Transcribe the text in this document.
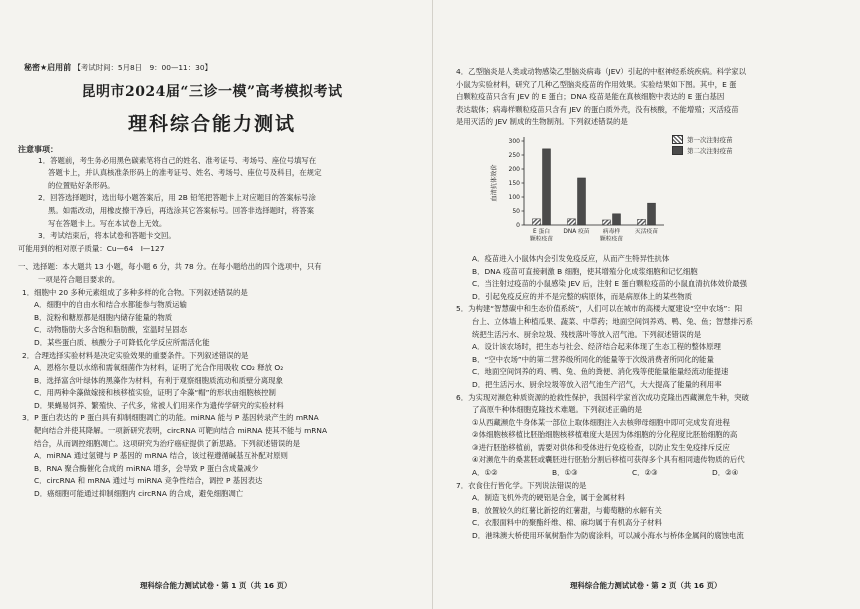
秘密★启用前 【考试时间：5月8日　9：00—11：30】
昆明市2024届“三诊一模”高考模拟考试
理科综合能力测试
注意事项：
1．答题前，考生务必用黑色碳素笔将自己的姓名、准考证号、考场号、座位号填写在
答题卡上，并认真核准条形码上的准考证号、姓名、考场号、座位号及科目，在规定
的位置贴好条形码。
2．回答选择题时，选出每小题答案后，用 2B 铅笔把答题卡上对应题目的答案标号涂
黑。如需改动，用橡皮擦干净后，再选涂其它答案标号。回答非选择题时，将答案
写在答题卡上。写在本试卷上无效。
3．考试结束后，将本试卷和答题卡交回。
可能用到的相对原子质量：Cu—64　I—127
一、选择题：本大题共 13 小题，每小题 6 分，共 78 分。在每小题给出的四个选项中，只有
一项是符合题目要求的。
1．细胞中 20 多种元素组成了多种多样的化合物。下列叙述错误的是
A．细胞中的自由水和结合水都能参与物质运输
B．淀粉和糖原都是细胞内储存能量的物质
C．动物脂肪大多含饱和脂肪酸，室温时呈固态
D．某些蛋白质、核酸分子可降低化学反应所需活化能
2．合理选择实验材料是决定实验效果的重要条件。下列叙述错误的是
A．恩格尔曼以水绵和需氧细菌作为材料，证明了光合作用吸收 CO₂ 释放 O₂
B．选择富含叶绿体的黑藻作为材料，有利于观察细胞质流动和质壁分离现象
C．用两种伞藻做嫁接和核移植实验，证明了伞藻“帽”的形状由细胞核控制
D．果蝇易饲养、繁殖快、子代多，常被人们用来作为遗传学研究的实验材料
3．P 蛋白表达的 P 蛋白具有抑制细胞凋亡的功能。miRNA 能与 P 基因转录产生的 mRNA
靶向结合并使其降解。一项新研究表明，circRNA 可靶向结合 miRNA 使其不能与 mRNA
结合，从而调控细胞凋亡。这项研究为治疗癌症提供了新思路。下列叙述错误的是
A．miRNA 通过氢键与 P 基因的 mRNA 结合，该过程遵循碱基互补配对原则
B．RNA 聚合酶催化合成的 miRNA 增多，会导致 P 蛋白含成量减少
C．circRNA 和 mRNA 通过与 miRNA 竞争性结合，调控 P 基因表达
D．癌细胞可能通过抑制细胞内 circRNA 的合成，避免细胞凋亡
理科综合能力测试试卷・第 1 页（共 16 页）
4．乙型脑炎是人类或动物感染乙型脑炎病毒（JEV）引起的中枢神经系统疾病。科学家以
小鼠为实验材料，研究了几种乙型脑炎疫苗的作用效果。实验结果如下图。其中，E 蛋
白颗粒疫苗只含有 JEV 的 E 蛋白；DNA 疫苗是能在真核细胞中表达的 E 蛋白基因
表达载体；病毒样颗粒疫苗只含有 JEV 的蛋白质外壳，没有核酸，不能增殖；灭活疫苗
是用灭活的 JEV 制成的生物制剂。下列叙述错误的是
0
50
100
150
200
250
300
血清抗体效价
E 蛋白
颗粒疫苗
DNA 疫苗 病毒样
颗粒疫苗
灭活疫苗
第一次注射疫苗
第二次注射疫苗
A．疫苗进入小鼠体内会引发免疫反应，从而产生特异性抗体
B．DNA 疫苗可直接刺激 B 细胞，使其增殖分化成浆细胞和记忆细胞
C．当注射过疫苗的小鼠感染 JEV 后，注射 E 蛋白颗粒疫苗的小鼠血清抗体效价最强
D．引起免疫反应的并不是完整的病原体，而是病原体上的某些物质
5．为构建“智慧碳中和生态价值系统”，人们可以在城市的高楼大厦建设“空中农场”：阳
台上、立体墙上种植瓜果、蔬菜、中草药；地面空间饲养鸡、鸭、兔、鱼；智慧排污系
统把生活污水、厨余垃圾、残枝落叶等放入沼气池。下列叙述错误的是
A．设计该农场时，把生态与社会、经济结合起来体现了生态工程的整体原理
B．“空中农场”中的第二营养级所同化的能量等于次级消费者所同化的能量
C．地面空间饲养的鸡、鸭、兔、鱼的粪便、消化残等使能量能量经流动能提速
D．把生活污水、厨余垃圾等放入沼气池生产沼气，大大提高了能量的利用率
6．为实现对濒危种质资源的抢救性保护，我国科学家首次成功克隆出西藏濒危牛种，突破
了高原牛种体细胞克隆技术难题。下列叙述正确的是
①从西藏濒危牛身体某一部位上取体细胞注入去核卵母细胞中即可完成发育进程
②体细胞核移植比胚胎细胞核移植难度大是因为体细胞的分化程度比胚胎细胞的高
③进行胚胎移植前，需要对供体和受体进行免疫检查，以防止发生免疫排斥反应
④对濒危牛的桑葚胚或囊胚进行胚胎分割后移植可获得多个具有相同遗传物质的后代
A．①②	B．①③	C．②③	D．②④
7．衣食住行皆化学。下列说法错误的是
A．制造飞机外壳的硬铝是合金，属于金属材料
B．放置较久的红薯比新挖的红薯甜，与葡萄糖的水解有关
C．衣服面料中的聚酯纤维、棉、麻均属于有机高分子材料
D．港珠澳大桥使用环氧树脂作为防腐涂料，可以减小海水与桥体金属间的腐蚀电流
理科综合能力测试试卷・第 2 页（共 16 页）
